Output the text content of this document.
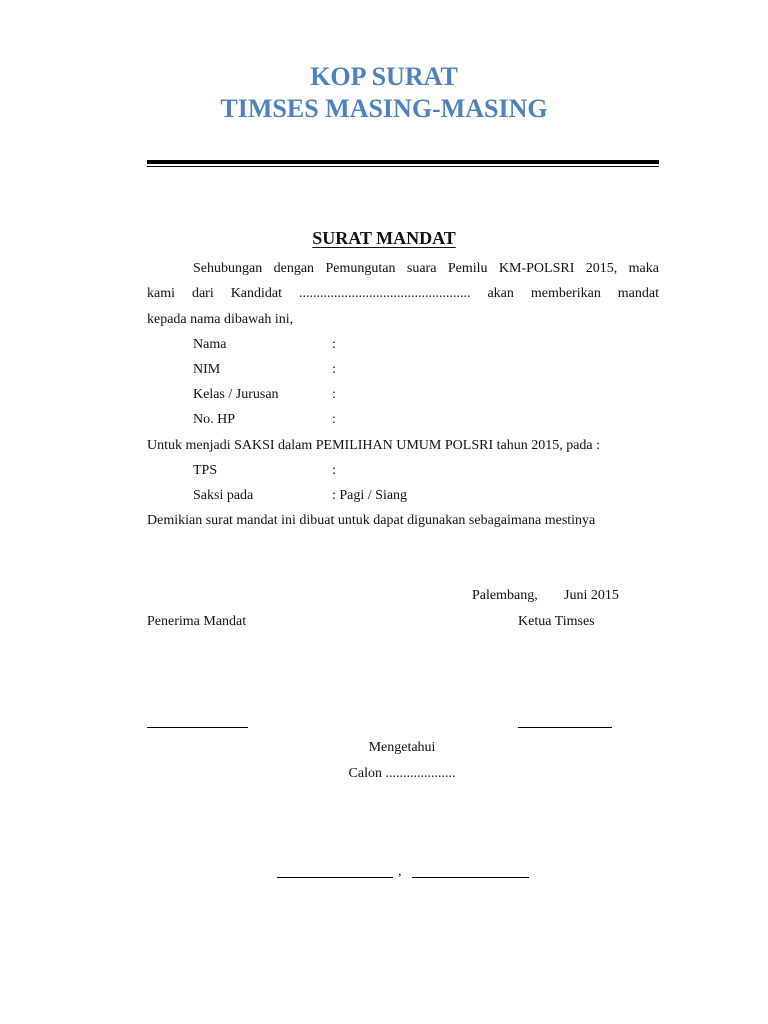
KOP SURAT
TIMSES MASING-MASING
SURAT MANDAT
Sehubungan dengan Pemungutan suara Pemilu KM-POLSRI 2015, maka
kami dari Kandidat ................................................. akan memberikan mandat
kepada nama dibawah ini,
Nama	:
NIM	:
Kelas / Jurusan	:
No. HP	:
Untuk menjadi SAKSI dalam PEMILIHAN UMUM POLSRI tahun 2015, pada :
TPS	:
Saksi pada	: Pagi / Siang
Demikian surat mandat ini dibuat untuk dapat digunakan sebagaimana mestinya
Palembang, Juni 2015
Penerima Mandat	Ketua Timses
Mengetahui
Calon ....................
,
